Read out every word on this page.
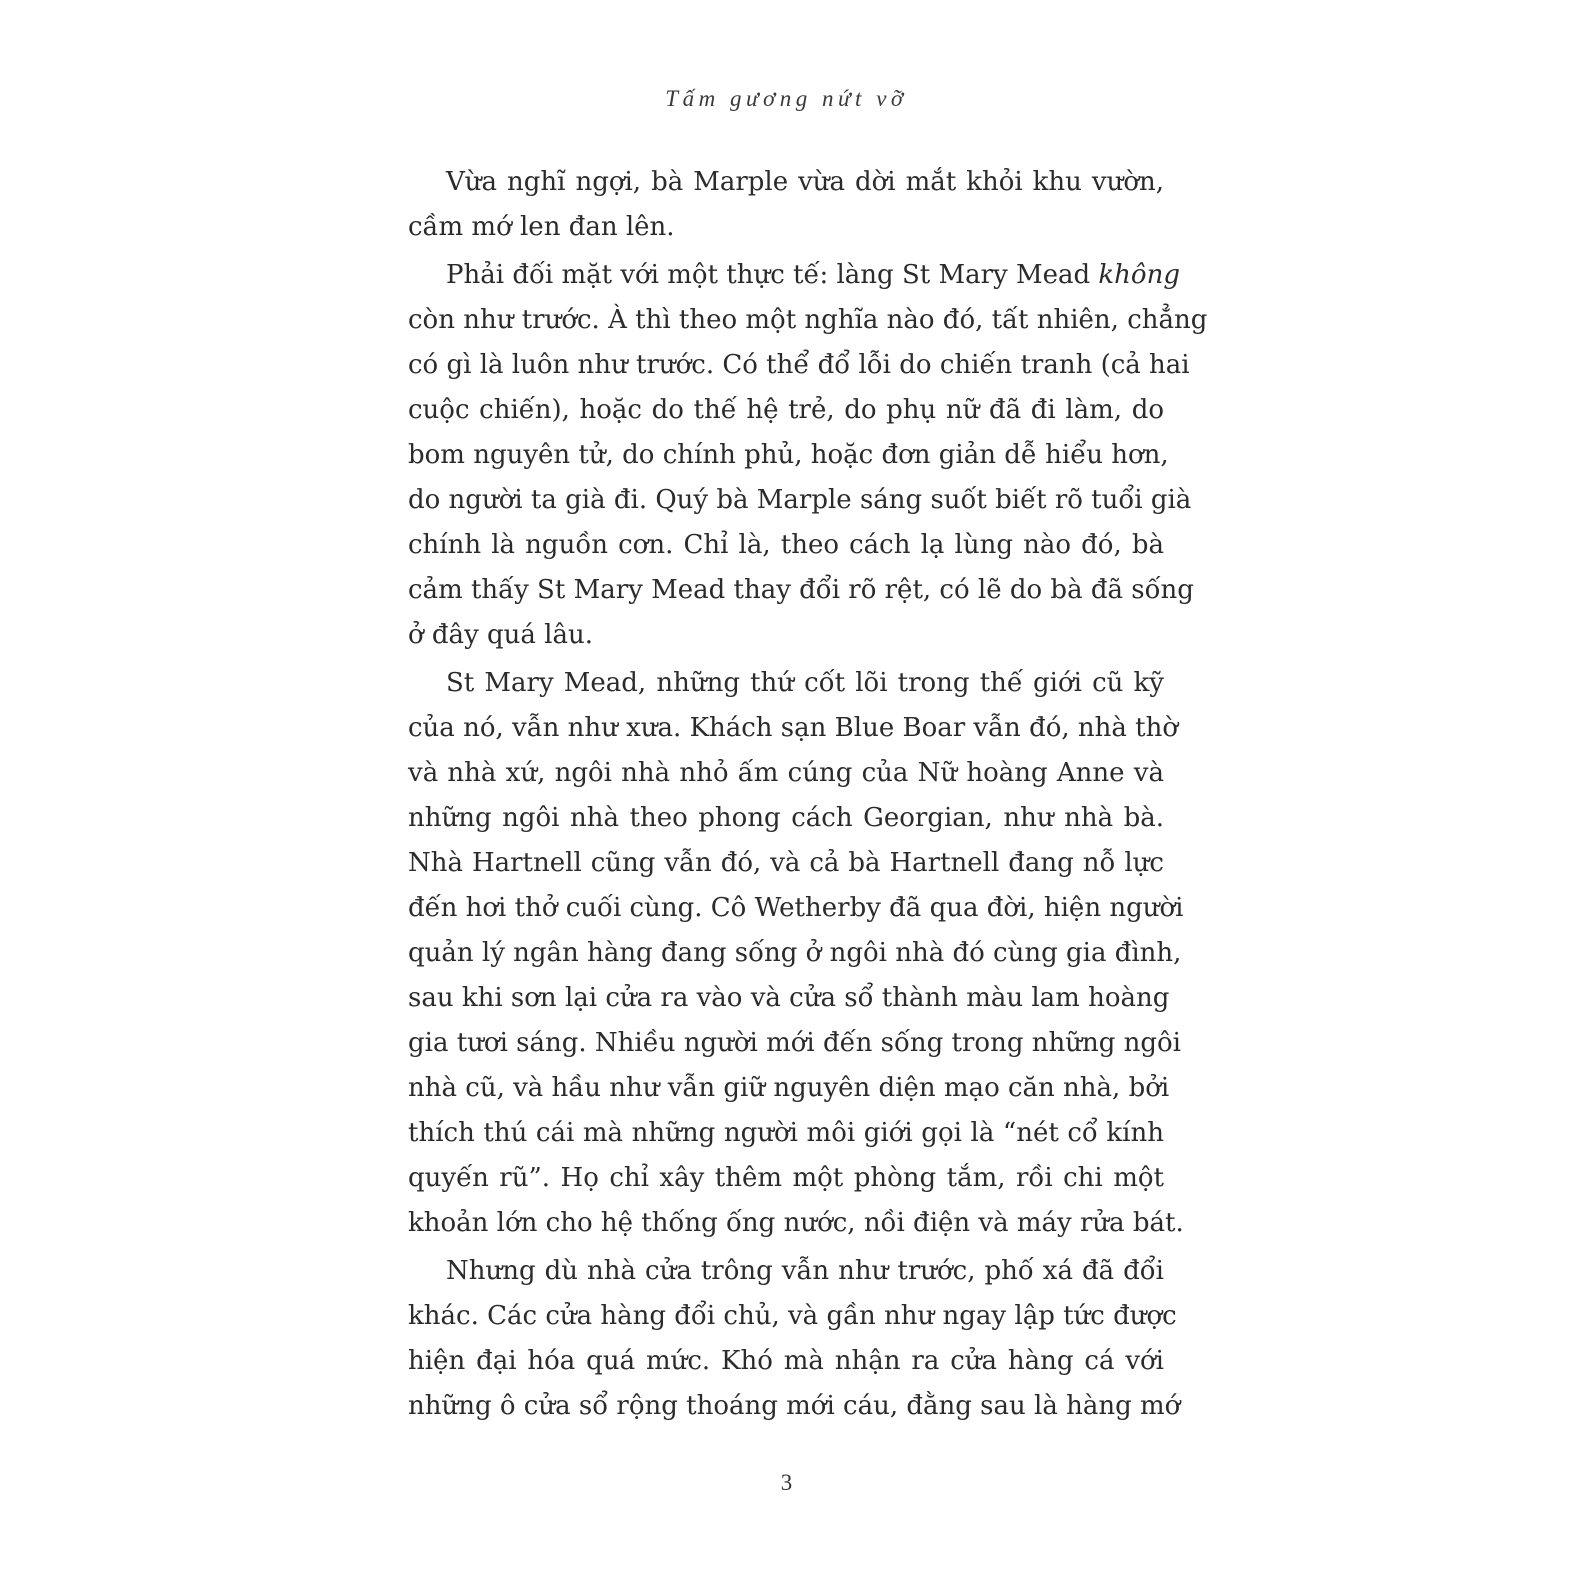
Tấm gương nứt vỡ
Vừa nghĩ ngợi, bà Marple vừa dời mắt khỏi khu vườn,
cầm mớ len đan lên.
Phải đối mặt với một thực tế: làng St Mary Mead không
còn như trước. À thì theo một nghĩa nào đó, tất nhiên, chẳng
có gì là luôn như trước. Có thể đổ lỗi do chiến tranh (cả hai
cuộc chiến), hoặc do thế hệ trẻ, do phụ nữ đã đi làm, do
bom nguyên tử, do chính phủ, hoặc đơn giản dễ hiểu hơn,
do người ta già đi. Quý bà Marple sáng suốt biết rõ tuổi già
chính là nguồn cơn. Chỉ là, theo cách lạ lùng nào đó, bà
cảm thấy St Mary Mead thay đổi rõ rệt, có lẽ do bà đã sống
ở đây quá lâu.
St Mary Mead, những thứ cốt lõi trong thế giới cũ kỹ
của nó, vẫn như xưa. Khách sạn Blue Boar vẫn đó, nhà thờ
và nhà xứ, ngôi nhà nhỏ ấm cúng của Nữ hoàng Anne và
những ngôi nhà theo phong cách Georgian, như nhà bà.
Nhà Hartnell cũng vẫn đó, và cả bà Hartnell đang nỗ lực
đến hơi thở cuối cùng. Cô Wetherby đã qua đời, hiện người
quản lý ngân hàng đang sống ở ngôi nhà đó cùng gia đình,
sau khi sơn lại cửa ra vào và cửa sổ thành màu lam hoàng
gia tươi sáng. Nhiều người mới đến sống trong những ngôi
nhà cũ, và hầu như vẫn giữ nguyên diện mạo căn nhà, bởi
thích thú cái mà những người môi giới gọi là “nét cổ kính
quyến rũ”. Họ chỉ xây thêm một phòng tắm, rồi chi một
khoản lớn cho hệ thống ống nước, nồi điện và máy rửa bát.
Nhưng dù nhà cửa trông vẫn như trước, phố xá đã đổi
khác. Các cửa hàng đổi chủ, và gần như ngay lập tức được
hiện đại hóa quá mức. Khó mà nhận ra cửa hàng cá với
những ô cửa sổ rộng thoáng mới cáu, đằng sau là hàng mớ
3
